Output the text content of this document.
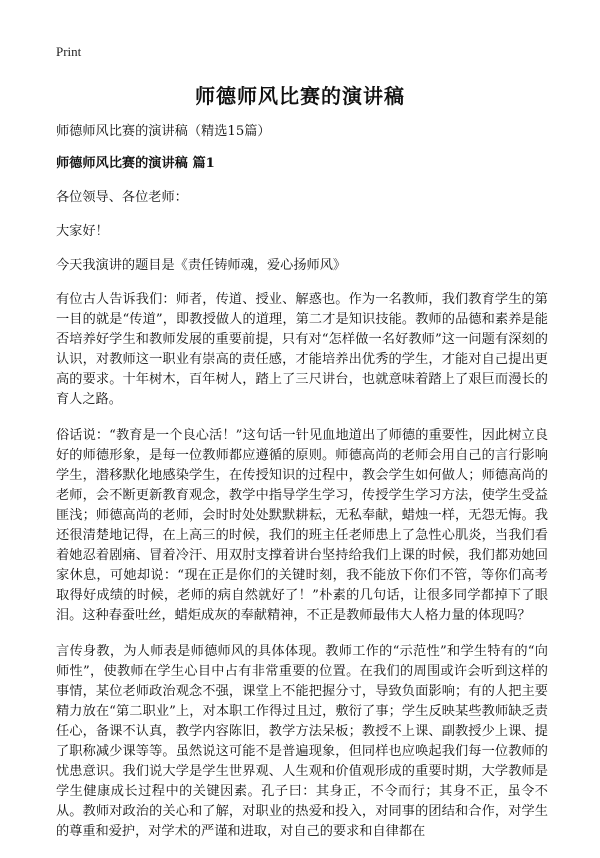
Print
师德师风比赛的演讲稿

师德师风比赛的演讲稿（精选15篇）

师德师风比赛的演讲稿 篇1

各位领导、各位老师：

大家好！

今天我演讲的题目是《责任铸师魂，爱心扬师风》

有位古人告诉我们：师者，传道、授业、解惑也。作为一名教师，我们教育学生的第一目的就是“传道”，即教授做人的道理，第二才是知识技能。教师的品德和素养是能否培养好学生和教师发展的重要前提，只有对“怎样做一名好教师”这一问题有深刻的认识，对教师这一职业有崇高的责任感，才能培养出优秀的学生，才能对自己提出更高的要求。十年树木，百年树人，踏上了三尺讲台，也就意味着踏上了艰巨而漫长的育人之路。

俗话说：“教育是一个良心活！”这句话一针见血地道出了师德的重要性，因此树立良好的师德形象，是每一位教师都应遵循的原则。师德高尚的老师会用自己的言行影响学生，潜移默化地感染学生，在传授知识的过程中，教会学生如何做人；师德高尚的老师，会不断更新教育观念，教学中指导学生学习，传授学生学习方法，使学生受益匪浅；师德高尚的老师，会时时处处默默耕耘，无私奉献，蜡烛一样，无怨无悔。我还很清楚地记得，在上高三的时候，我们的班主任老师患上了急性心肌炎，当我们看着她忍着剧痛、冒着冷汗、用双肘支撑着讲台坚持给我们上课的时候，我们都劝她回家休息，可她却说：“现在正是你们的关键时刻，我不能放下你们不管，等你们高考取得好成绩的时候，老师的病自然就好了！”朴素的几句话，让很多同学都掉下了眼泪。这种春蚕吐丝，蜡炬成灰的奉献精神，不正是教师最伟大人格力量的体现吗？

言传身教，为人师表是师德师风的具体体现。教师工作的“示范性”和学生特有的“向师性”，使教师在学生心目中占有非常重要的位置。在我们的周围或许会听到这样的事情，某位老师政治观念不强，课堂上不能把握分寸，导致负面影响；有的人把主要精力放在“第二职业”上，对本职工作得过且过，敷衍了事；学生反映某些教师缺乏责任心，备课不认真，教学内容陈旧，教学方法呆板；教授不上课、副教授少上课、提了职称减少课等等。虽然说这可能不是普遍现象，但同样也应唤起我们每一位教师的忧患意识。我们说大学是学生世界观、人生观和价值观形成的重要时期，大学教师是学生健康成长过程中的关键因素。孔子曰：其身正，不令而行；其身不正，虽令不从。教师对政治的关心和了解，对职业的热爱和投入，对同事的团结和合作，对学生的尊重和爱护，对学术的严谨和进取，对自己的要求和自律都在
